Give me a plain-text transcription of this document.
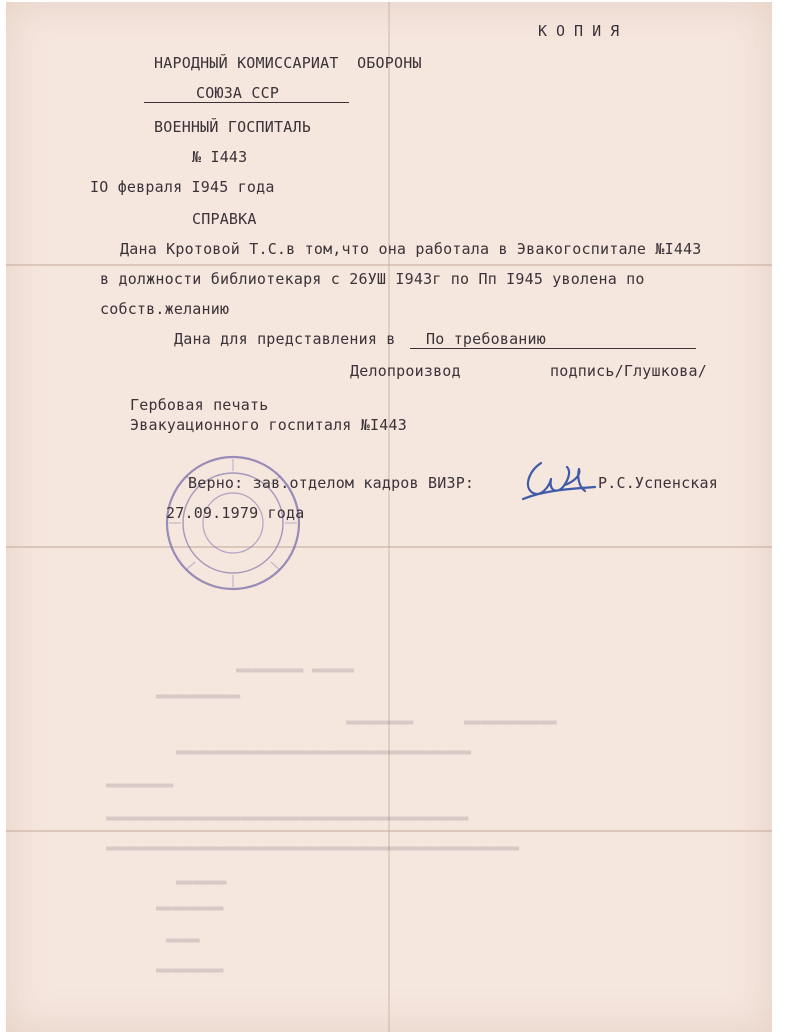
▬▬▬▬▬▬▬▬ ▬▬▬▬▬
▬▬▬▬▬▬▬▬▬▬
▬▬▬▬▬▬▬▬      ▬▬▬▬▬▬▬▬▬▬▬
▬▬▬▬▬▬▬▬▬▬▬▬▬▬▬▬▬▬▬▬▬▬▬▬▬▬▬▬▬▬▬▬▬▬▬
▬▬▬▬▬▬▬▬
▬▬▬▬▬▬▬▬▬▬▬▬▬▬▬▬▬▬▬▬▬▬▬▬▬▬▬▬▬▬▬▬▬▬▬▬▬▬▬▬▬▬▬
▬▬▬▬▬▬▬▬▬▬▬▬▬▬▬▬▬▬▬▬▬▬▬▬▬▬▬▬▬▬▬▬▬▬▬▬▬▬▬▬▬▬▬▬▬▬▬▬▬
▬▬▬▬▬▬
▬▬▬▬▬▬▬▬
▬▬▬▬
▬▬▬▬▬▬▬▬
КОПИЯ
НАРОДНЫЙ КОМИССАРИАТ  ОБОРОНЫ
СОЮЗА ССР
ВОЕННЫЙ ГОСПИТАЛЬ
№ I443
IO февраля I945 года
СПРАВКА
Дана Кротовой Т.С.в том,что она работала в Эвакогоспитале №I443
в должности библиотекаря с 26УШ I943г по Пп I945 уволена по
собств.желанию
Дана для представления в По требованию
Делопроизвод	подпись/Глушкова/
Гербовая печать
Эвакуационного госпиталя №I443
Верно: зав.отделом кадров ВИЗР:	Р.С.Успенская
27.09.1979 года
